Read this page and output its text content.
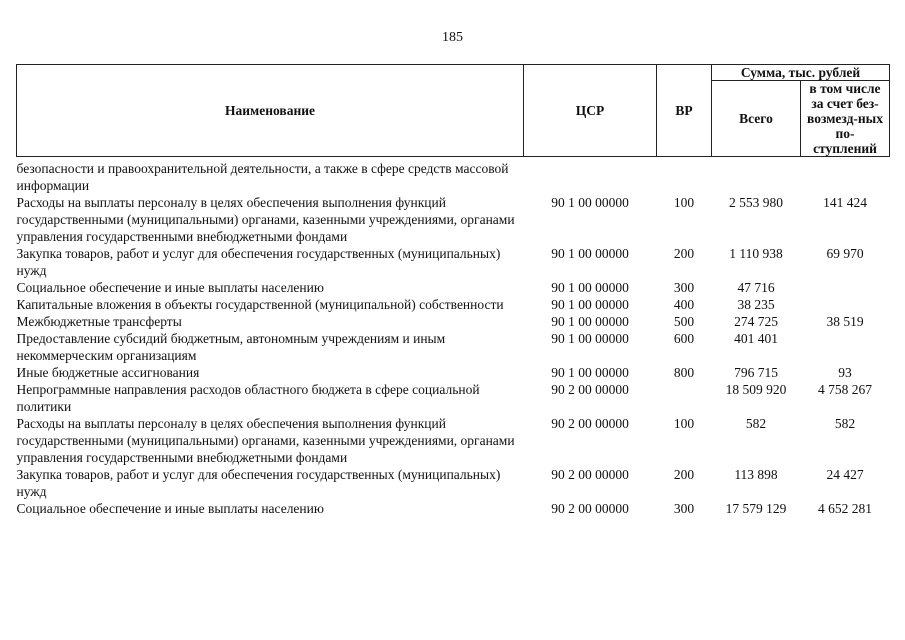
185
Наименование	ЦСР	ВР	Сумма, тыс. рублей	
			Всего	в том числе за счет без-возмезд-ных по-ступлений
безопасности и правоохранительной деятельности, а также в сфере средств массовой информации				
Расходы на выплаты персоналу в целях обеспечения выполнения функций государственными (муниципальными) органами, казенными учреждениями, органами управления государственными внебюджетными фондами	90 1 00 00000	100	2 553 980	141 424
Закупка товаров, работ и услуг для обеспечения государственных (муниципальных) нужд	90 1 00 00000	200	1 110 938	69 970
Социальное обеспечение и иные выплаты населению	90 1 00 00000	300	47 716	
Капитальные вложения в объекты государственной (муниципальной) собственности	90 1 00 00000	400	38 235	
Межбюджетные трансферты	90 1 00 00000	500	274 725	38 519
Предоставление субсидий бюджетным, автономным учреждениям и иным некоммерческим организациям	90 1 00 00000	600	401 401	
Иные бюджетные ассигнования	90 1 00 00000	800	796 715	93
Непрограммные направления расходов областного бюджета в сфере социальной политики	90 2 00 00000		18 509 920	4 758 267
Расходы на выплаты персоналу в целях обеспечения выполнения функций государственными (муниципальными) органами, казенными учреждениями, органами управления государственными внебюджетными фондами	90 2 00 00000	100	582	582
Закупка товаров, работ и услуг для обеспечения государственных (муниципальных) нужд	90 2 00 00000	200	113 898	24 427
Социальное обеспечение и иные выплаты населению	90 2 00 00000	300	17 579 129	4 652 281
